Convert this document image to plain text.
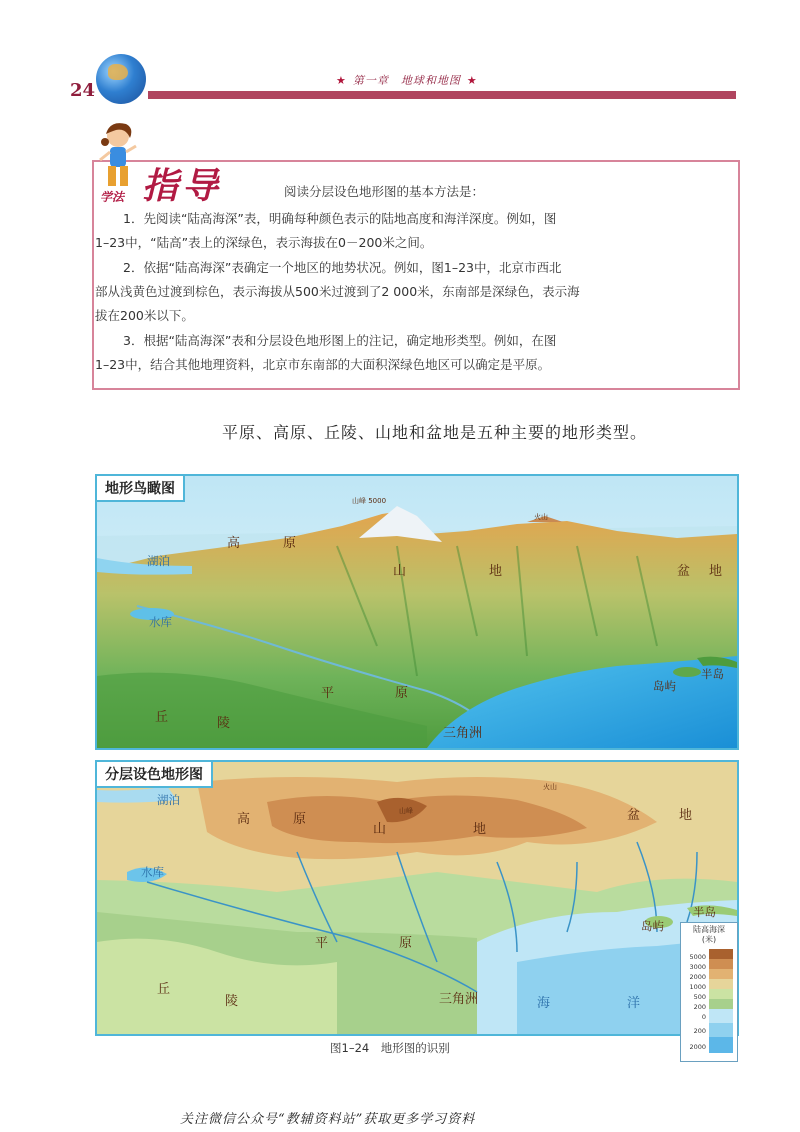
24	★ 第一章　地球和地图 ★
学法 指导	阅读分层设色地形图的基本方法是：
1．先阅读“陆高海深”表，明确每种颜色表示的陆地高度和海洋深度。例如，图
1–23中，“陆高”表上的深绿色，表示海拔在0－200米之间。
2．依据“陆高海深”表确定一个地区的地势状况。例如，图1–23中，北京市西北
部从浅黄色过渡到棕色，表示海拔从500米过渡到了2 000米，东南部是深绿色，表示海
拔在200米以下。
3．根据“陆高海深”表和分层设色地形图上的注记，确定地形类型。例如，在图
1–23中，结合其他地理资料，北京市东南部的大面积深绿色地区可以确定是平原。
平原、高原、丘陵、山地和盆地是五种主要的地形类型。
地形鸟瞰图
山峰 5000
火山
高	原
山	地	盆 地
湖泊
水库
平	原
丘	陵
三角洲
岛屿
半岛
分层设色地形图
山峰
火山
高	原
山	地
盆	地
湖泊
水库
平	原
丘
陵	三角洲	海	洋
岛屿
半岛
陆高海深
(米)
5000
3000
2000
1000
500
200
0
200
2000
图1–24　地形图的识别
关注微信公众号“教辅资料站”获取更多学习资料
